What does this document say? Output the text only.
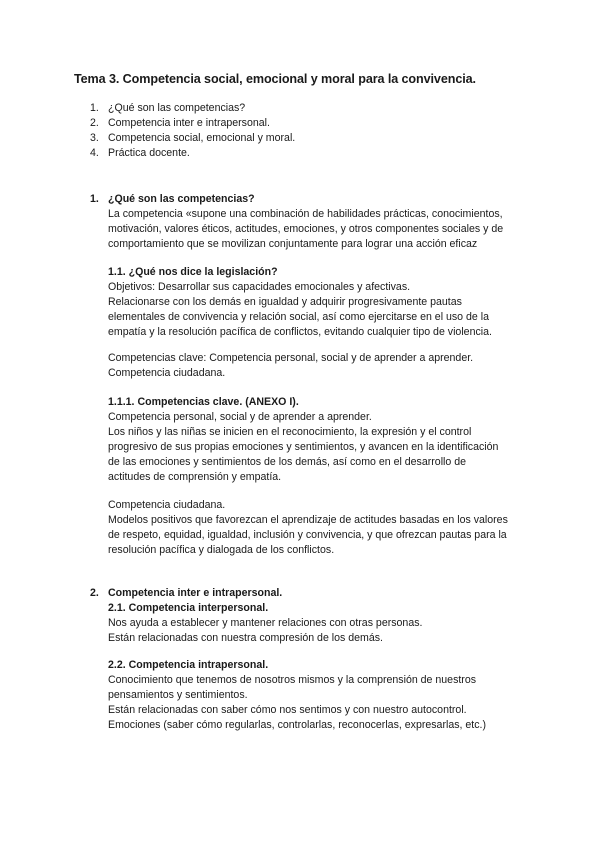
Tema 3. Competencia social, emocional y moral para la convivencia.
1. ¿Qué son las competencias?
2. Competencia inter e intrapersonal.
3. Competencia social, emocional y moral.
4. Práctica docente.
1. ¿Qué son las competencias?
La competencia «supone una combinación de habilidades prácticas, conocimientos,
motivación, valores éticos, actitudes, emociones, y otros componentes sociales y de
comportamiento que se movilizan conjuntamente para lograr una acción eficaz
1.1. ¿Qué nos dice la legislación?
Objetivos: Desarrollar sus capacidades emocionales y afectivas.
Relacionarse con los demás en igualdad y adquirir progresivamente pautas
elementales de convivencia y relación social, así como ejercitarse en el uso de la
empatía y la resolución pacífica de conflictos, evitando cualquier tipo de violencia.
Competencias clave: Competencia personal, social y de aprender a aprender.
Competencia ciudadana.
1.1.1. Competencias clave. (ANEXO I).
Competencia personal, social y de aprender a aprender.
Los niños y las niñas se inicien en el reconocimiento, la expresión y el control
progresivo de sus propias emociones y sentimientos, y avancen en la identificación
de las emociones y sentimientos de los demás, así como en el desarrollo de
actitudes de comprensión y empatía.
Competencia ciudadana.
Modelos positivos que favorezcan el aprendizaje de actitudes basadas en los valores
de respeto, equidad, igualdad, inclusión y convivencia, y que ofrezcan pautas para la
resolución pacífica y dialogada de los conflictos.
2. Competencia inter e intrapersonal.
2.1. Competencia interpersonal.
Nos ayuda a establecer y mantener relaciones con otras personas.
Están relacionadas con nuestra compresión de los demás.
2.2. Competencia intrapersonal.
Conocimiento que tenemos de nosotros mismos y la comprensión de nuestros
pensamientos y sentimientos.
Están relacionadas con saber cómo nos sentimos y con nuestro autocontrol.
Emociones (saber cómo regularlas, controlarlas, reconocerlas, expresarlas, etc.)
